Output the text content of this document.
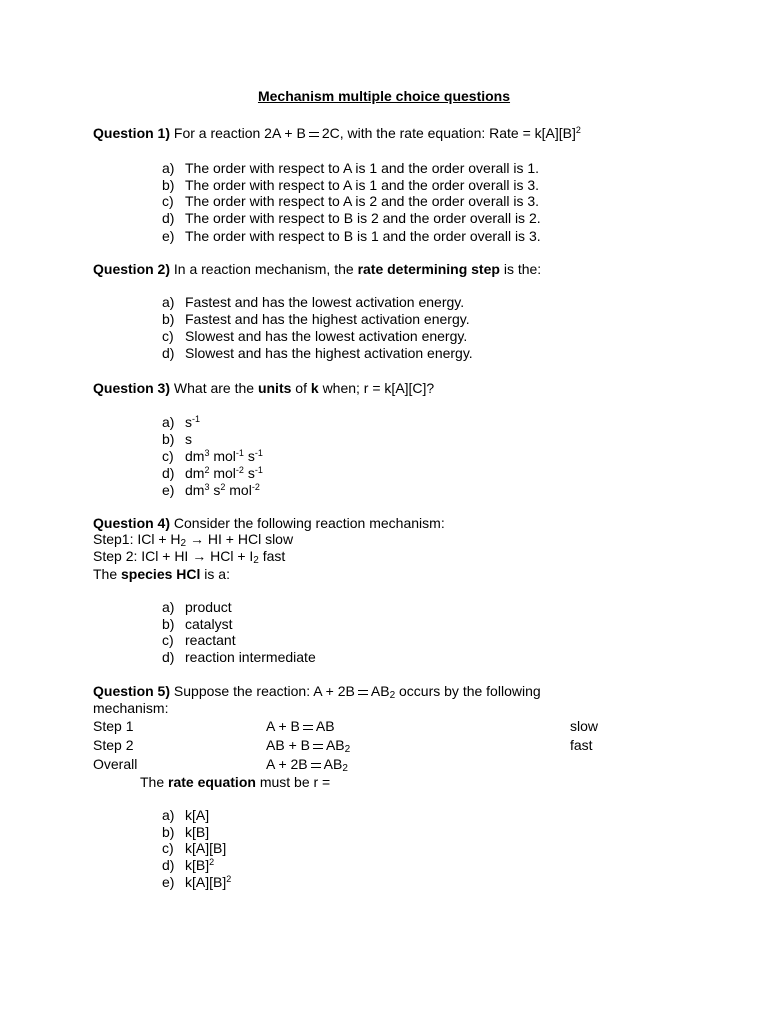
Mechanism multiple choice questions
Question 1) For a reaction 2A + B 2C, with the rate equation: Rate = $k[A][B]^2$
a) The order with respect to A is 1 and the order overall is 1.
b) The order with respect to A is 1 and the order overall is 3.
c) The order with respect to A is 2 and the order overall is 3.
d) The order with respect to B is 2 and the order overall is 2.
e) The order with respect to B is 1 and the order overall is 3.
Question 2) In a reaction mechanism, the rate determining step is the:
a) Fastest and has the lowest activation energy.
b) Fastest and has the highest activation energy.
c) Slowest and has the lowest activation energy.
d) Slowest and has the highest activation energy.
Question 3) What are the units of k when; r = k[A][C]?
a) $s^{-1}$
b) s
c) $dm^3$ mol$^{-1}$ $s^{-1}$
d) $dm^2$ mol$^{-2}$ $s^{-1}$
e) $dm^3$ $s^2$ mol$^{-2}$
Question 4) Consider the following reaction mechanism:
Step1: ICl + $H_2$ → HI + HCl slow
Step 2: ICl + HI → HCl + $I_2$ fast
The species HCl is a:
a) product
b) catalyst
c) reactant
d) reaction intermediate
Question 5) Suppose the reaction: A + 2B $AB_2$ occurs by the following
mechanism:
Step 1	A + B AB	slow
Step 2	AB + B $AB_2$	fast
Overall	A + 2B $AB_2$
The rate equation must be r =
a) k[A]
b) k[B]
c) k[A][B]
d) $k[B]^2$
e) $k[A][B]^2$
